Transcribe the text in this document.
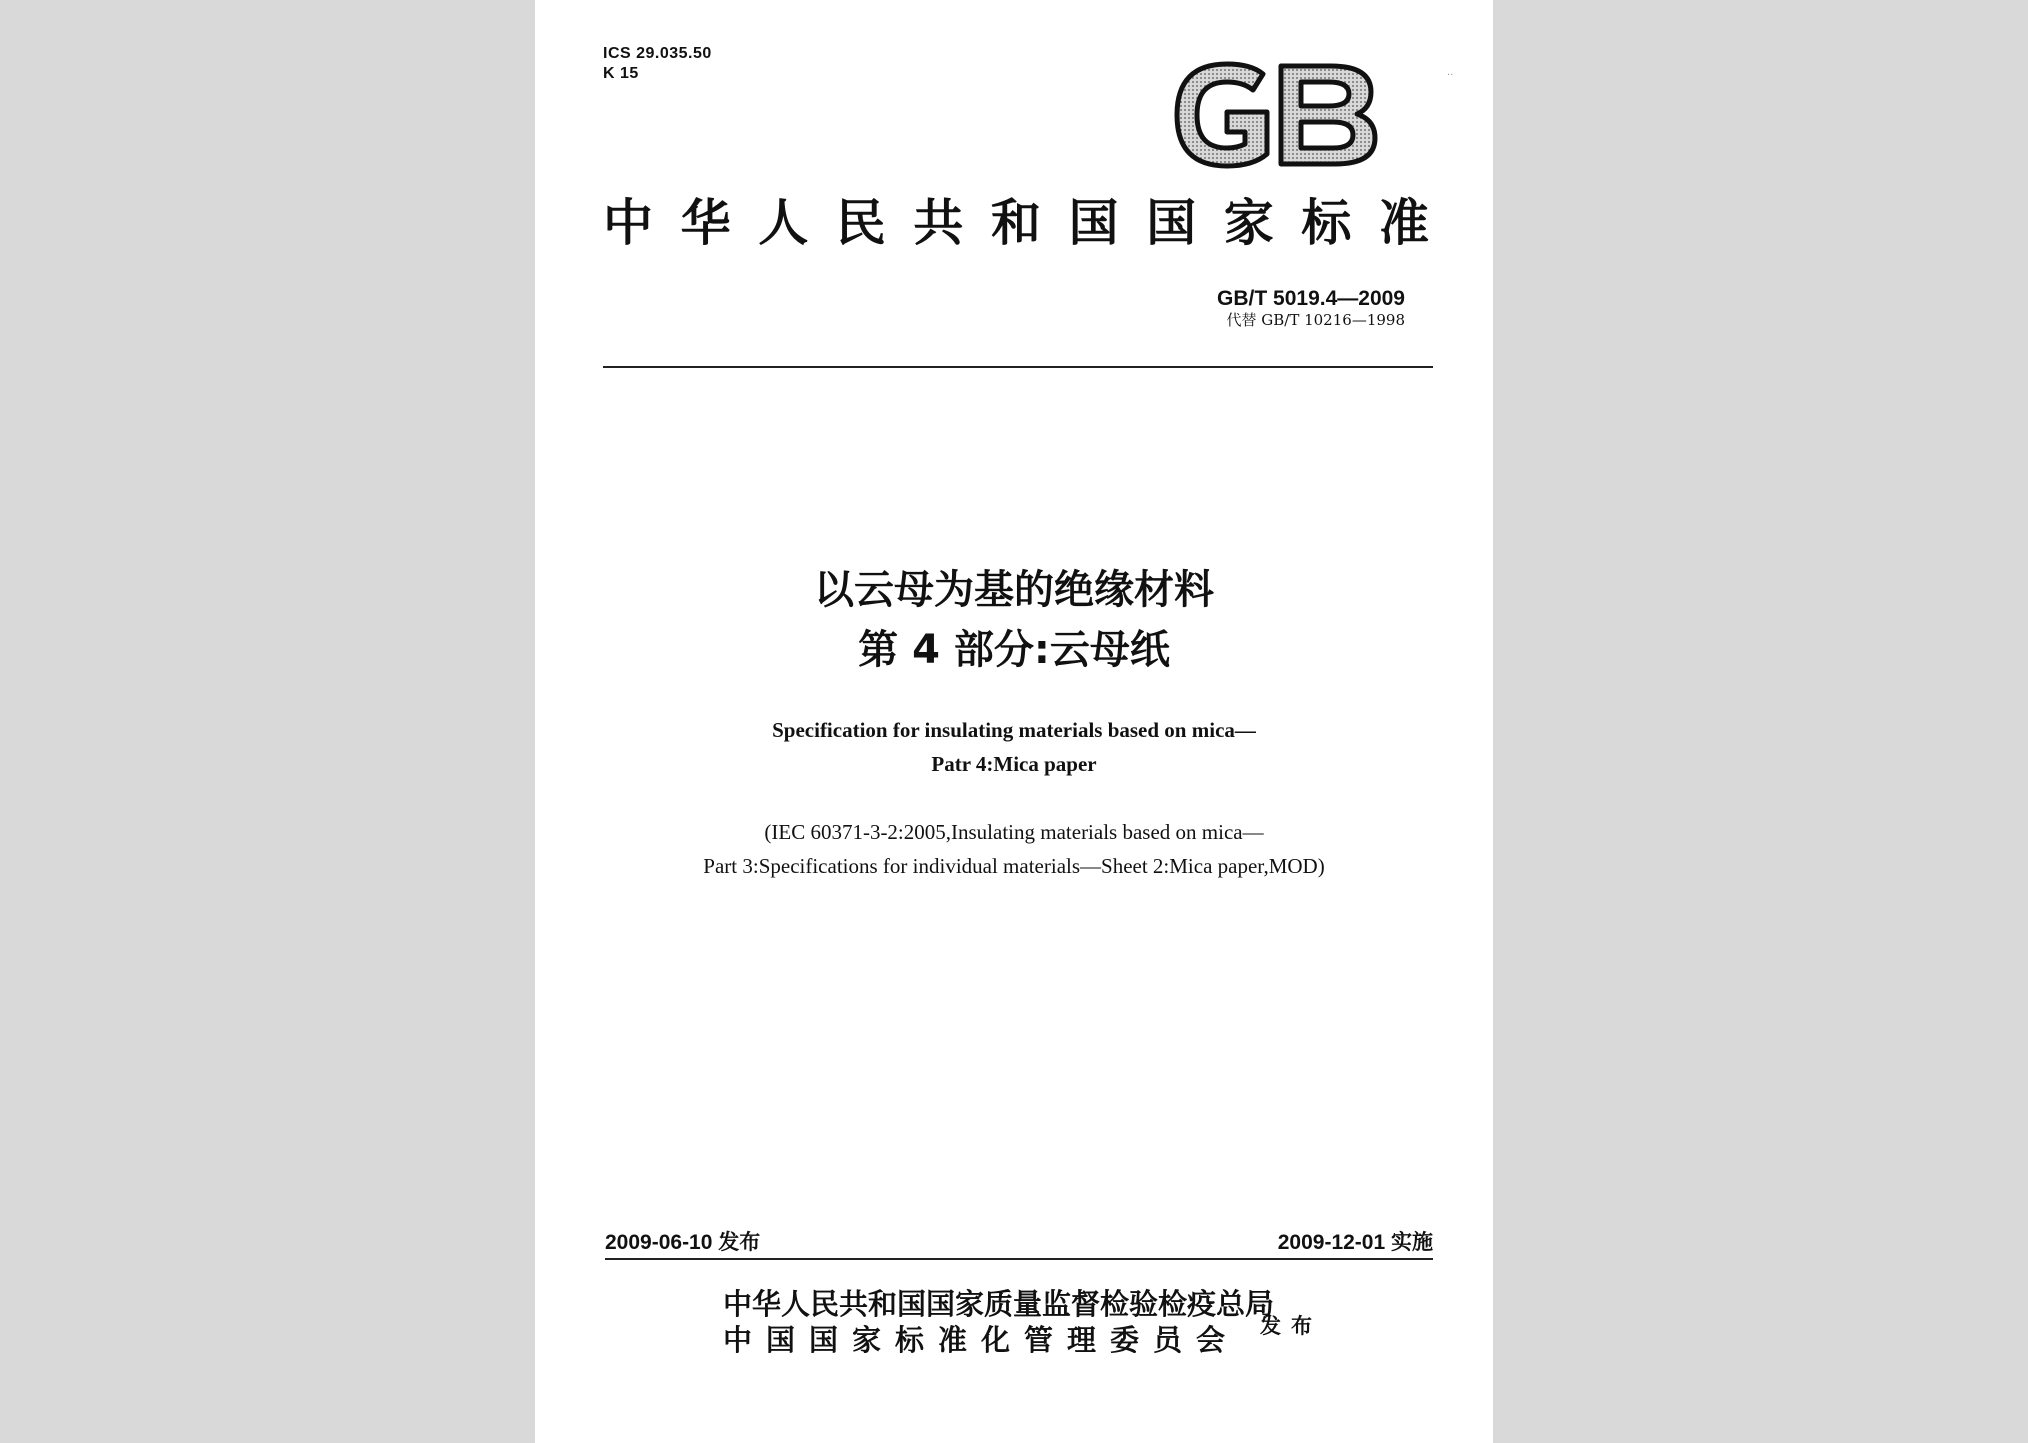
ICS 29.035.50
K 15	··
中华人民共和国国家标准
GB/T 5019.4—2009
代替 GB/T 10216—1998
以云母为基的绝缘材料
第 4 部分:云母纸
Specification for insulating materials based on mica—
Patr 4:Mica paper
(IEC 60371-3-2:2005,Insulating materials based on mica—
Part 3:Specifications for individual materials—Sheet 2:Mica paper,MOD)
2009-06-10 发布	2009-12-01 实施
中华人民共和国国家质量监督检验检疫总局
中国国家标准化管理委员会 发布
